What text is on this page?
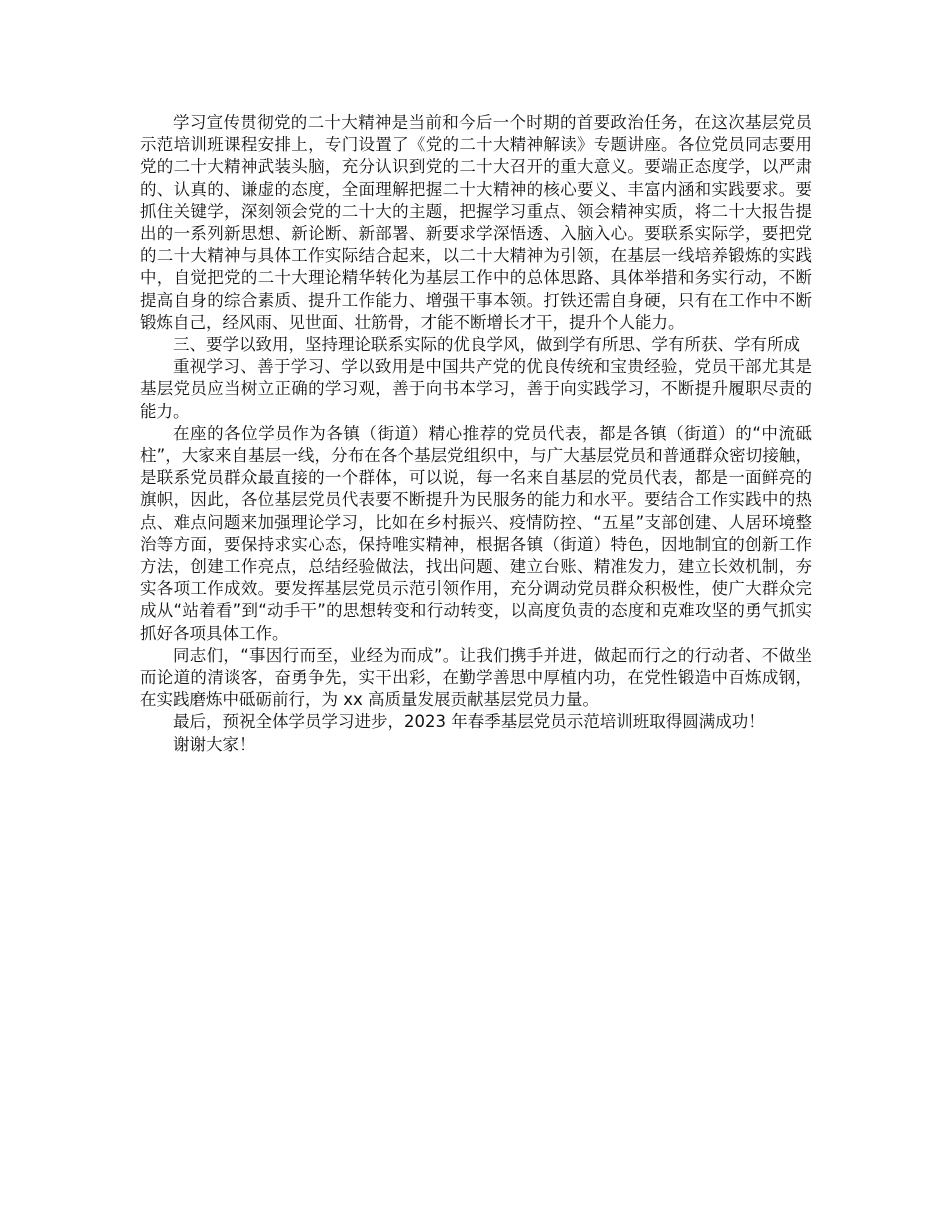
学习宣传贯彻党的二十大精神是当前和今后一个时期的首要政治任务，在这次基层党员示范培训班课程安排上，专门设置了《党的二十大精神解读》专题讲座。各位党员同志要用党的二十大精神武装头脑，充分认识到党的二十大召开的重大意义。要端正态度学，以严肃的、认真的、谦虚的态度，全面理解把握二十大精神的核心要义、丰富内涵和实践要求。要抓住关键学，深刻领会党的二十大的主题，把握学习重点、领会精神实质，将二十大报告提出的一系列新思想、新论断、新部署、新要求学深悟透、入脑入心。要联系实际学，要把党的二十大精神与具体工作实际结合起来，以二十大精神为引领，在基层一线培养锻炼的实践中，自觉把党的二十大理论精华转化为基层工作中的总体思路、具体举措和务实行动，不断提高自身的综合素质、提升工作能力、增强干事本领。打铁还需自身硬，只有在工作中不断锻炼自己，经风雨、见世面、壮筋骨，才能不断增长才干，提升个人能力。

三、要学以致用，坚持理论联系实际的优良学风，做到学有所思、学有所获、学有所成

重视学习、善于学习、学以致用是中国共产党的优良传统和宝贵经验，党员干部尤其是基层党员应当树立正确的学习观，善于向书本学习，善于向实践学习，不断提升履职尽责的能力。

在座的各位学员作为各镇（街道）精心推荐的党员代表，都是各镇（街道）的“中流砥柱”，大家来自基层一线，分布在各个基层党组织中，与广大基层党员和普通群众密切接触，是联系党员群众最直接的一个群体，可以说，每一名来自基层的党员代表，都是一面鲜亮的旗帜，因此，各位基层党员代表要不断提升为民服务的能力和水平。要结合工作实践中的热点、难点问题来加强理论学习，比如在乡村振兴、疫情防控、“五星”支部创建、人居环境整治等方面，要保持求实心态，保持唯实精神，根据各镇（街道）特色，因地制宜的创新工作方法，创建工作亮点，总结经验做法，找出问题、建立台账、精准发力，建立长效机制，夯实各项工作成效。要发挥基层党员示范引领作用，充分调动党员群众积极性，使广大群众完成从“站着看”到“动手干”的思想转变和行动转变，以高度负责的态度和克难攻坚的勇气抓实抓好各项具体工作。

同志们，“事因行而至，业经为而成”。让我们携手并进，做起而行之的行动者、不做坐而论道的清谈客，奋勇争先，实干出彩，在勤学善思中厚植内功，在党性锻造中百炼成钢，在实践磨炼中砥砺前行，为 xx 高质量发展贡献基层党员力量。

最后，预祝全体学员学习进步，2023 年春季基层党员示范培训班取得圆满成功！

谢谢大家！
